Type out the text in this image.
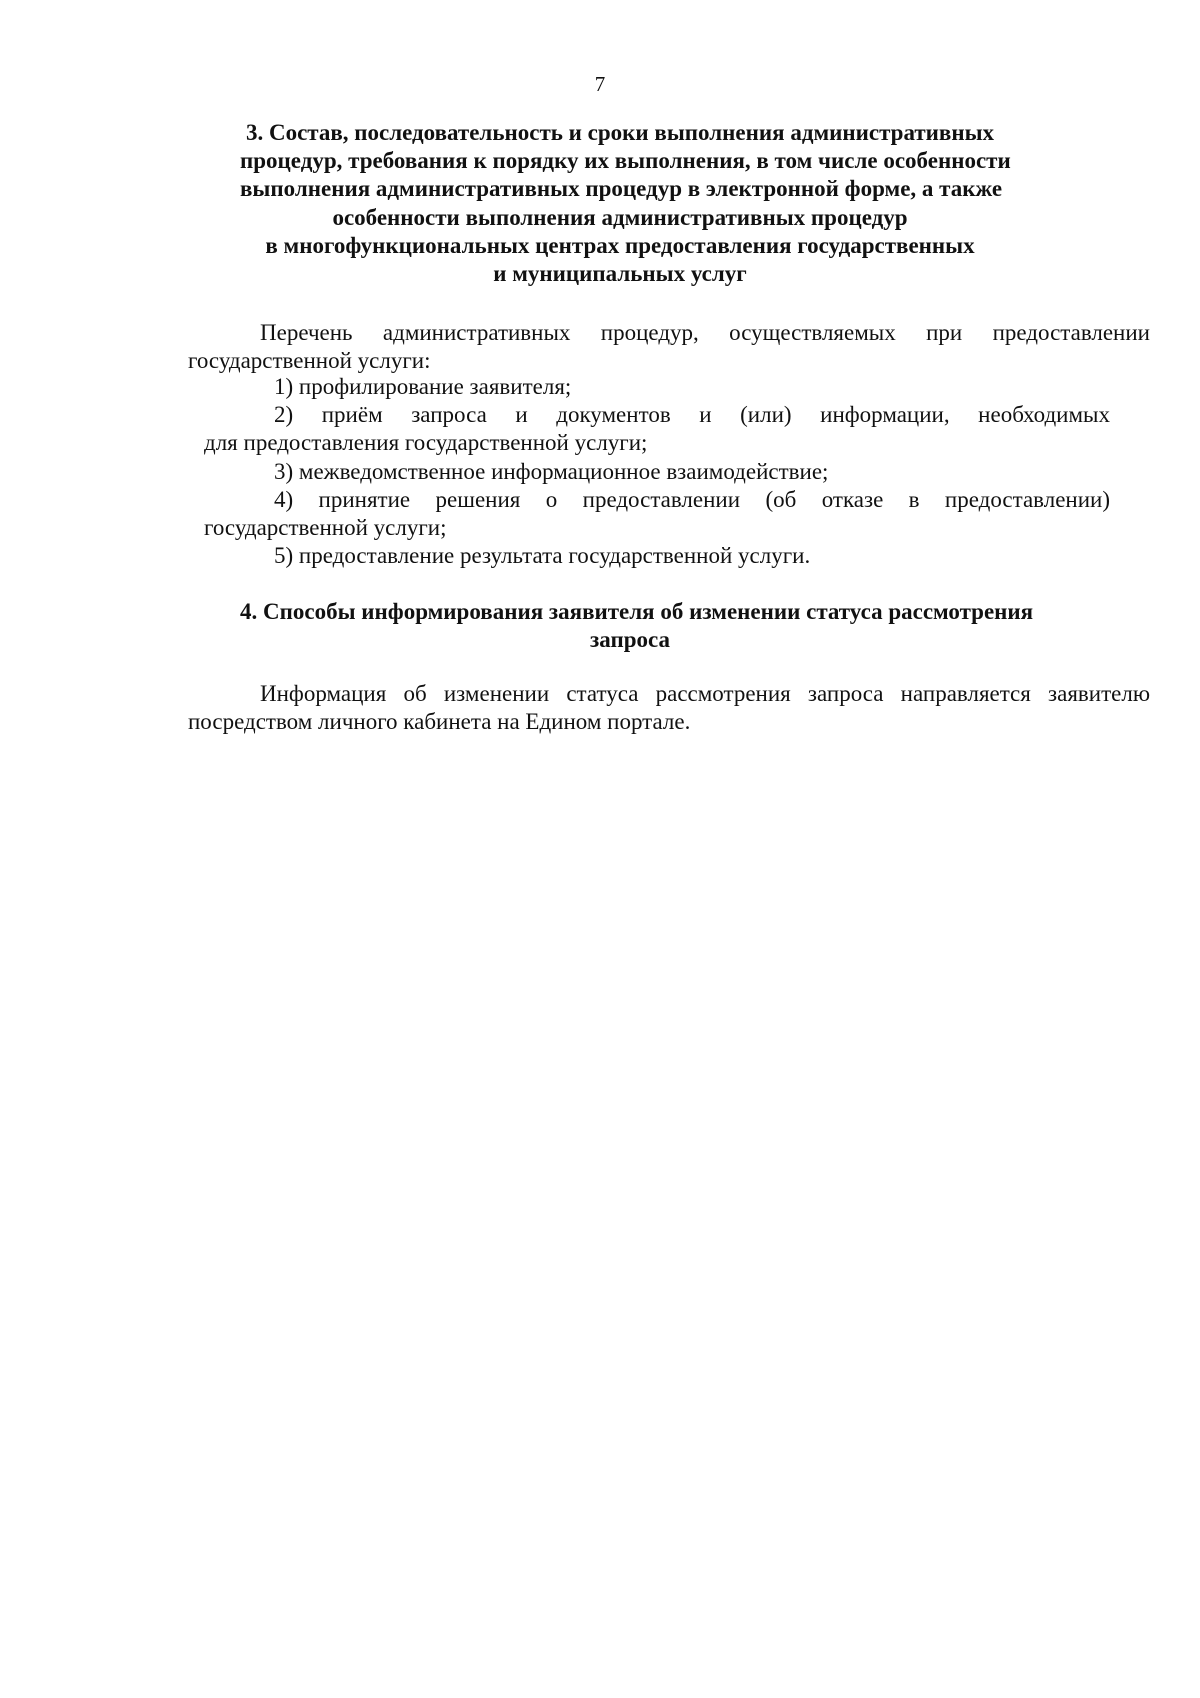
7
3. Состав, последовательность и сроки выполнения административных
процедур, требования к порядку их выполнения, в том числе особенности
выполнения административных процедур в электронной форме, а также
особенности выполнения административных процедур
в многофункциональных центрах предоставления государственных
и муниципальных услуг

Перечень административных процедур, осуществляемых при предоставлении
государственной услуги:

1) профилирование заявителя;
2) приём запроса и документов и (или) информации, необходимых
для предоставления государственной услуги;
3) межведомственное информационное взаимодействие;
4) принятие решения о предоставлении (об отказе в предоставлении)
государственной услуги;
5) предоставление результата государственной услуги.
4. Способы информирования заявителя об изменении статуса рассмотрения
запроса

Информация об изменении статуса рассмотрения запроса направляется заявителю
посредством личного кабинета на Едином портале.
